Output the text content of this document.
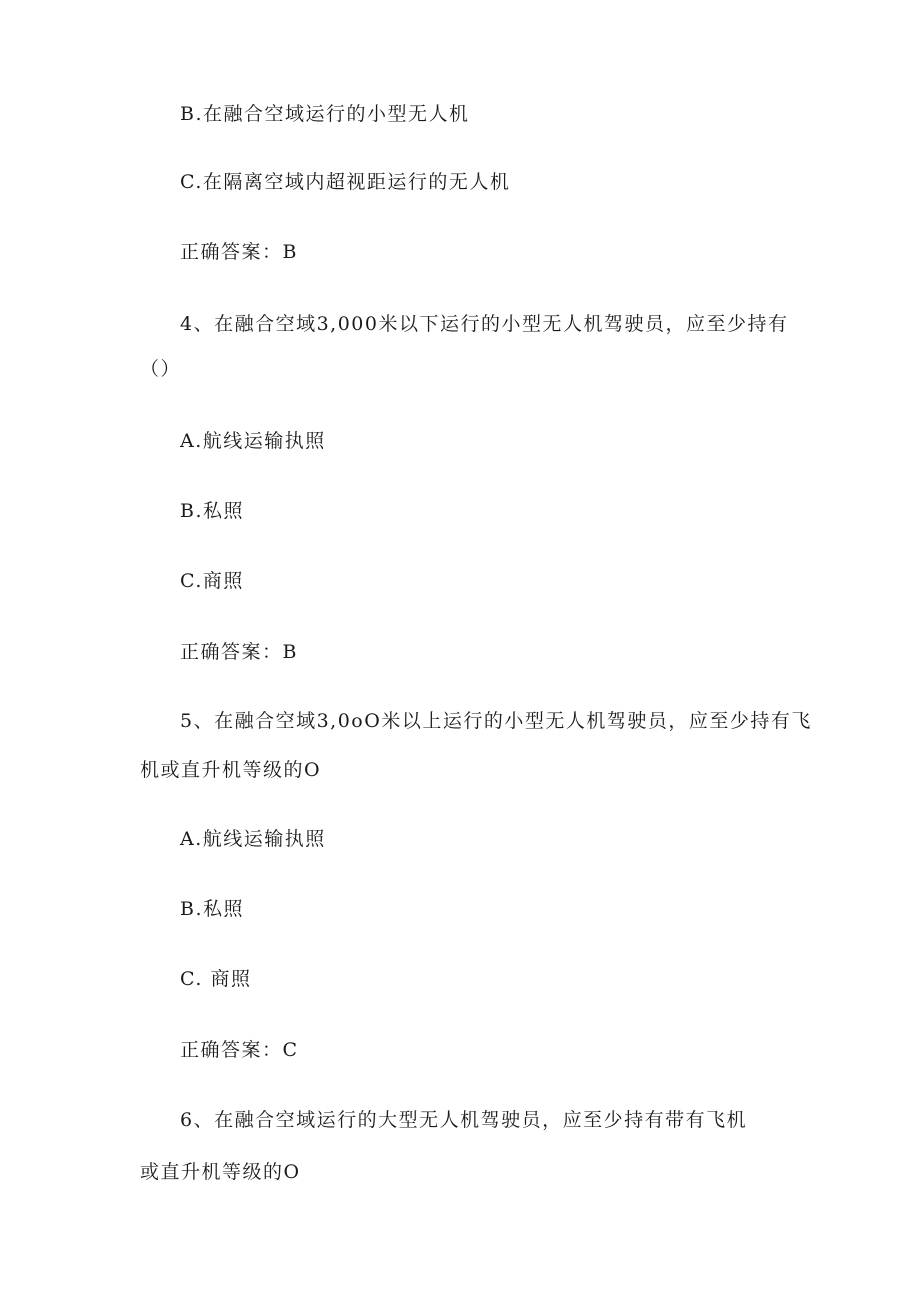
B.在融合空域运行的小型无人机
C.在隔离空域内超视距运行的无人机
正确答案：B
4、在融合空域3,000米以下运行的小型无人机驾驶员，应至少持有
（）
A.航线运输执照
B.私照
C.商照
正确答案：B
5、在融合空域3,0oO米以上运行的小型无人机驾驶员，应至少持有飞
机或直升机等级的O
A.航线运输执照
B.私照
C. 商照
正确答案：C
6、在融合空域运行的大型无人机驾驶员，应至少持有带有飞机
或直升机等级的O
